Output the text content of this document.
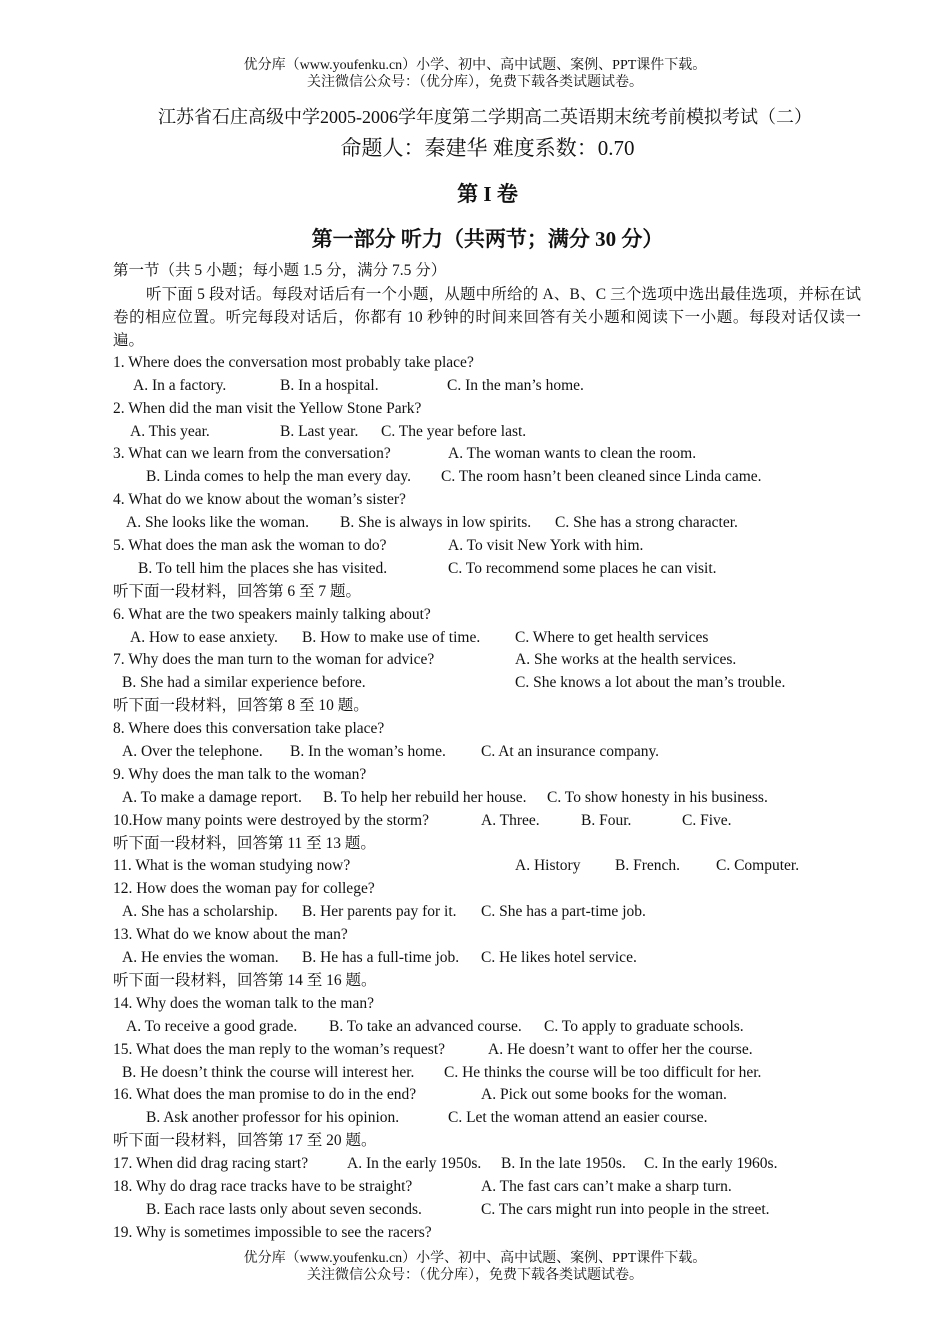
优分库（www.youfenku.cn）小学、初中、高中试题、案例、PPT课件下载。
关注微信公众号：（优分库），免费下载各类试题试卷。
江苏省石庄高级中学2005-2006学年度第二学期高二英语期末统考前模拟考试（二）
命题人：秦建华 难度系数：0.70
第 I 卷
第一部分 听力（共两节；满分 30 分）
第一节（共 5 小题；每小题 1.5 分，满分 7.5 分）
听下面 5 段对话。每段对话后有一个小题，从题中所给的 A、B、C 三个选项中选出最佳选项，并标在试卷的相应位置。听完每段对话后，你都有 10 秒钟的时间来回答有关小题和阅读下一小题。每段对话仅读一遍。
1. Where does the conversation most probably take place?
A. In a factory.	B. In a hospital.	C. In the man’s home.
2. When did the man visit the Yellow Stone Park?
A. This year.	B. Last year. C. The year before last.
3. What can we learn from the conversation?	A. The woman wants to clean the room.
B. Linda comes to help the man every day. C. The room hasn’t been cleaned since Linda came.
4. What do we know about the woman’s sister?
A. She looks like the woman. B. She is always in low spirits. C. She has a strong character.
5. What does the man ask the woman to do?	A. To visit New York with him.
B. To tell him the places she has visited.	C. To recommend some places he can visit.
听下面一段材料，回答第 6 至 7 题。
6. What are the two speakers mainly talking about?
A. How to ease anxiety. B. How to make use of time. C. Where to get health services
7. Why does the man turn to the woman for advice?	A. She works at the health services.
B. She had a similar experience before.	C. She knows a lot about the man’s trouble.
听下面一段材料，回答第 8 至 10 题。
8. Where does this conversation take place?
A. Over the telephone. B. In the woman’s home. C. At an insurance company.
9. Why does the man talk to the woman?
A. To make a damage report. B. To help her rebuild her house. C. To show honesty in his business.
10.How many points were destroyed by the storm?	A. Three.	B. Four.	C. Five.
听下面一段材料，回答第 11 至 13 题。
11. What is the woman studying now?	A. History B. French. C. Computer.
12. How does the woman pay for college?
A. She has a scholarship. B. Her parents pay for it. C. She has a part-time job.
13. What do we know about the man?
A. He envies the woman. B. He has a full-time job. C. He likes hotel service.
听下面一段材料，回答第 14 至 16 题。
14. Why does the woman talk to the man?
A. To receive a good grade. B. To take an advanced course. C. To apply to graduate schools.
15. What does the man reply to the woman’s request?	A. He doesn’t want to offer her the course.
B. He doesn’t think the course will interest her. C. He thinks the course will be too difficult for her.
16. What does the man promise to do in the end?	A. Pick out some books for the woman.
B. Ask another professor for his opinion.	C. Let the woman attend an easier course.
听下面一段材料，回答第 17 至 20 题。
17. When did drag racing start?	A. In the early 1950s. B. In the late 1950s. C. In the early 1960s.
18. Why do drag race tracks have to be straight?	A. The fast cars can’t make a sharp turn.
B. Each race lasts only about seven seconds.	C. The cars might run into people in the street.
19. Why is sometimes impossible to see the racers?
优分库（www.youfenku.cn）小学、初中、高中试题、案例、PPT课件下载。
关注微信公众号：（优分库），免费下载各类试题试卷。
